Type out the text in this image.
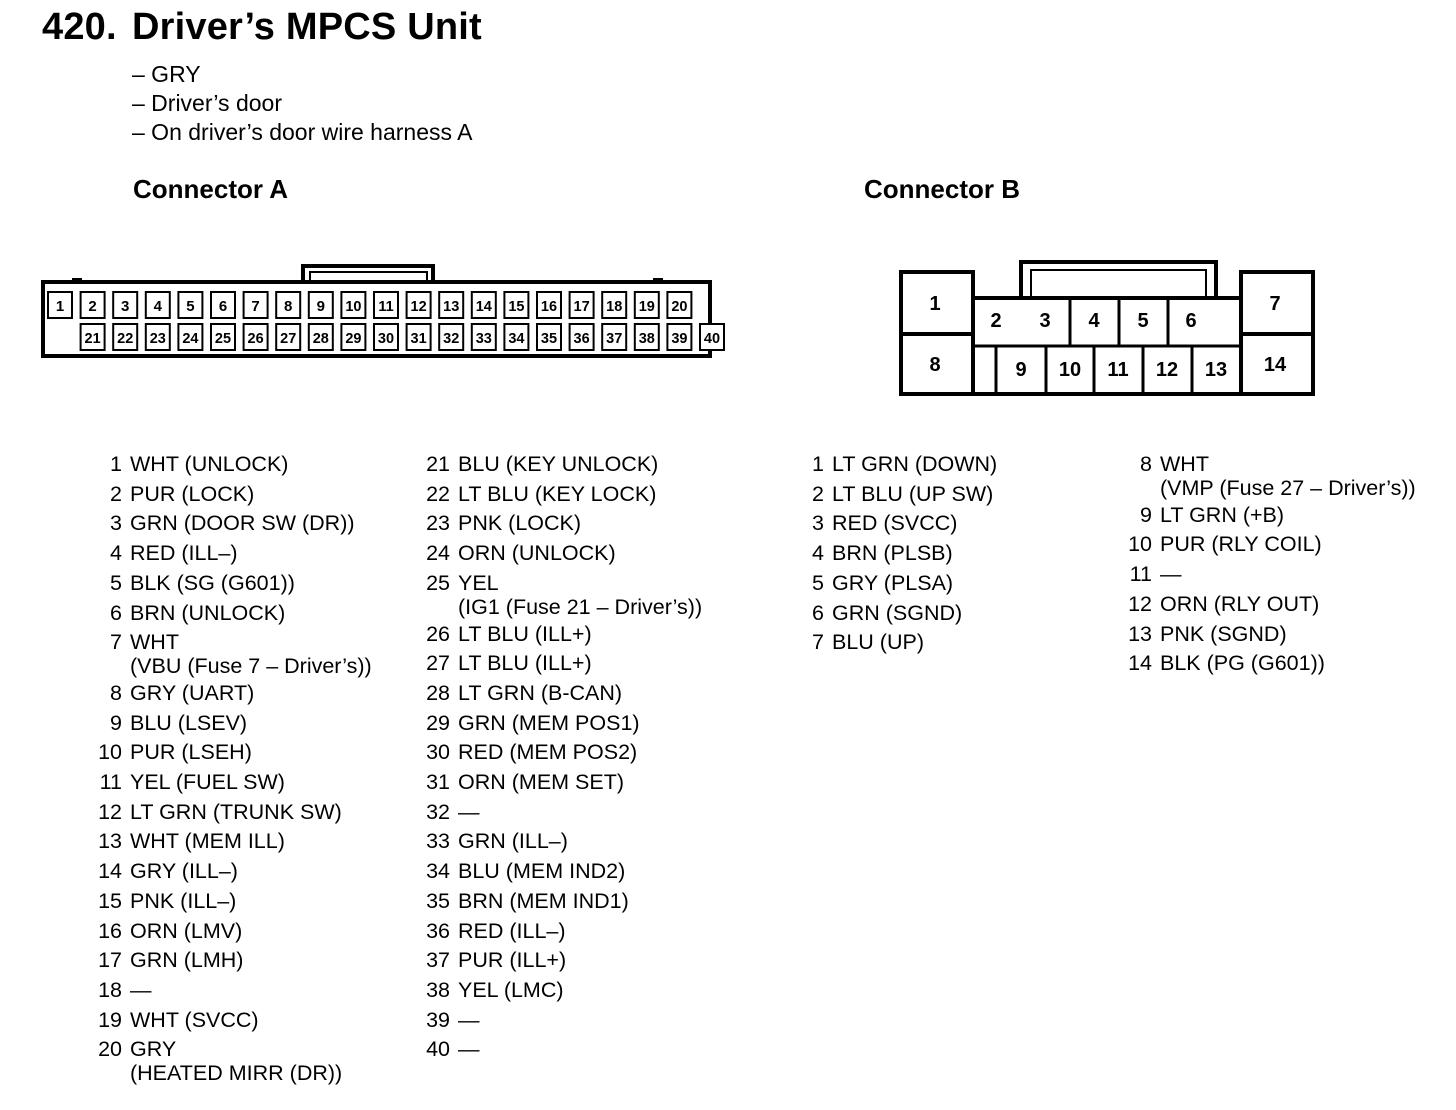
420. Driver’s MPCS Unit
– GRY
– Driver’s door
– On driver’s door wire harness A
Connector A	Connector B
1 2 3 4 5 6 7 8 9 10 11 12 13 14 15 16 17 18 19 20
21 22 23 24 25 26 27 28 29 30 31 32 33 34 35 36 37 38 39 40
1
2 3 4 5 6
7
8	9 10 11 12 13 14
1 WHT (UNLOCK)
2 PUR (LOCK)
3 GRN (DOOR SW (DR))
4 RED (ILL–)
5 BLK (SG (G601))
6 BRN (UNLOCK)
7 WHT
(VBU (Fuse 7 – Driver’s))
8 GRY (UART)
9 BLU (LSEV)
10 PUR (LSEH)
11 YEL (FUEL SW)
12 LT GRN (TRUNK SW)
13 WHT (MEM ILL)
14 GRY (ILL–)
15 PNK (ILL–)
16 ORN (LMV)
17 GRN (LMH)
18 —
19 WHT (SVCC)
20 GRY
(HEATED MIRR (DR))
21 BLU (KEY UNLOCK)
22 LT BLU (KEY LOCK)
23 PNK (LOCK)
24 ORN (UNLOCK)
25 YEL
(IG1 (Fuse 21 – Driver’s))
26 LT BLU (ILL+)
27 LT BLU (ILL+)
28 LT GRN (B-CAN)
29 GRN (MEM POS1)
30 RED (MEM POS2)
31 ORN (MEM SET)
32 —
33 GRN (ILL–)
34 BLU (MEM IND2)
35 BRN (MEM IND1)
36 RED (ILL–)
37 PUR (ILL+)
38 YEL (LMC)
39 —
40 —
1 LT GRN (DOWN)
2 LT BLU (UP SW)
3 RED (SVCC)
4 BRN (PLSB)
5 GRY (PLSA)
6 GRN (SGND)
7 BLU (UP)
8 WHT
(VMP (Fuse 27 – Driver’s))
9 LT GRN (+B)
10 PUR (RLY COIL)
11 —
12 ORN (RLY OUT)
13 PNK (SGND)
14 BLK (PG (G601))
